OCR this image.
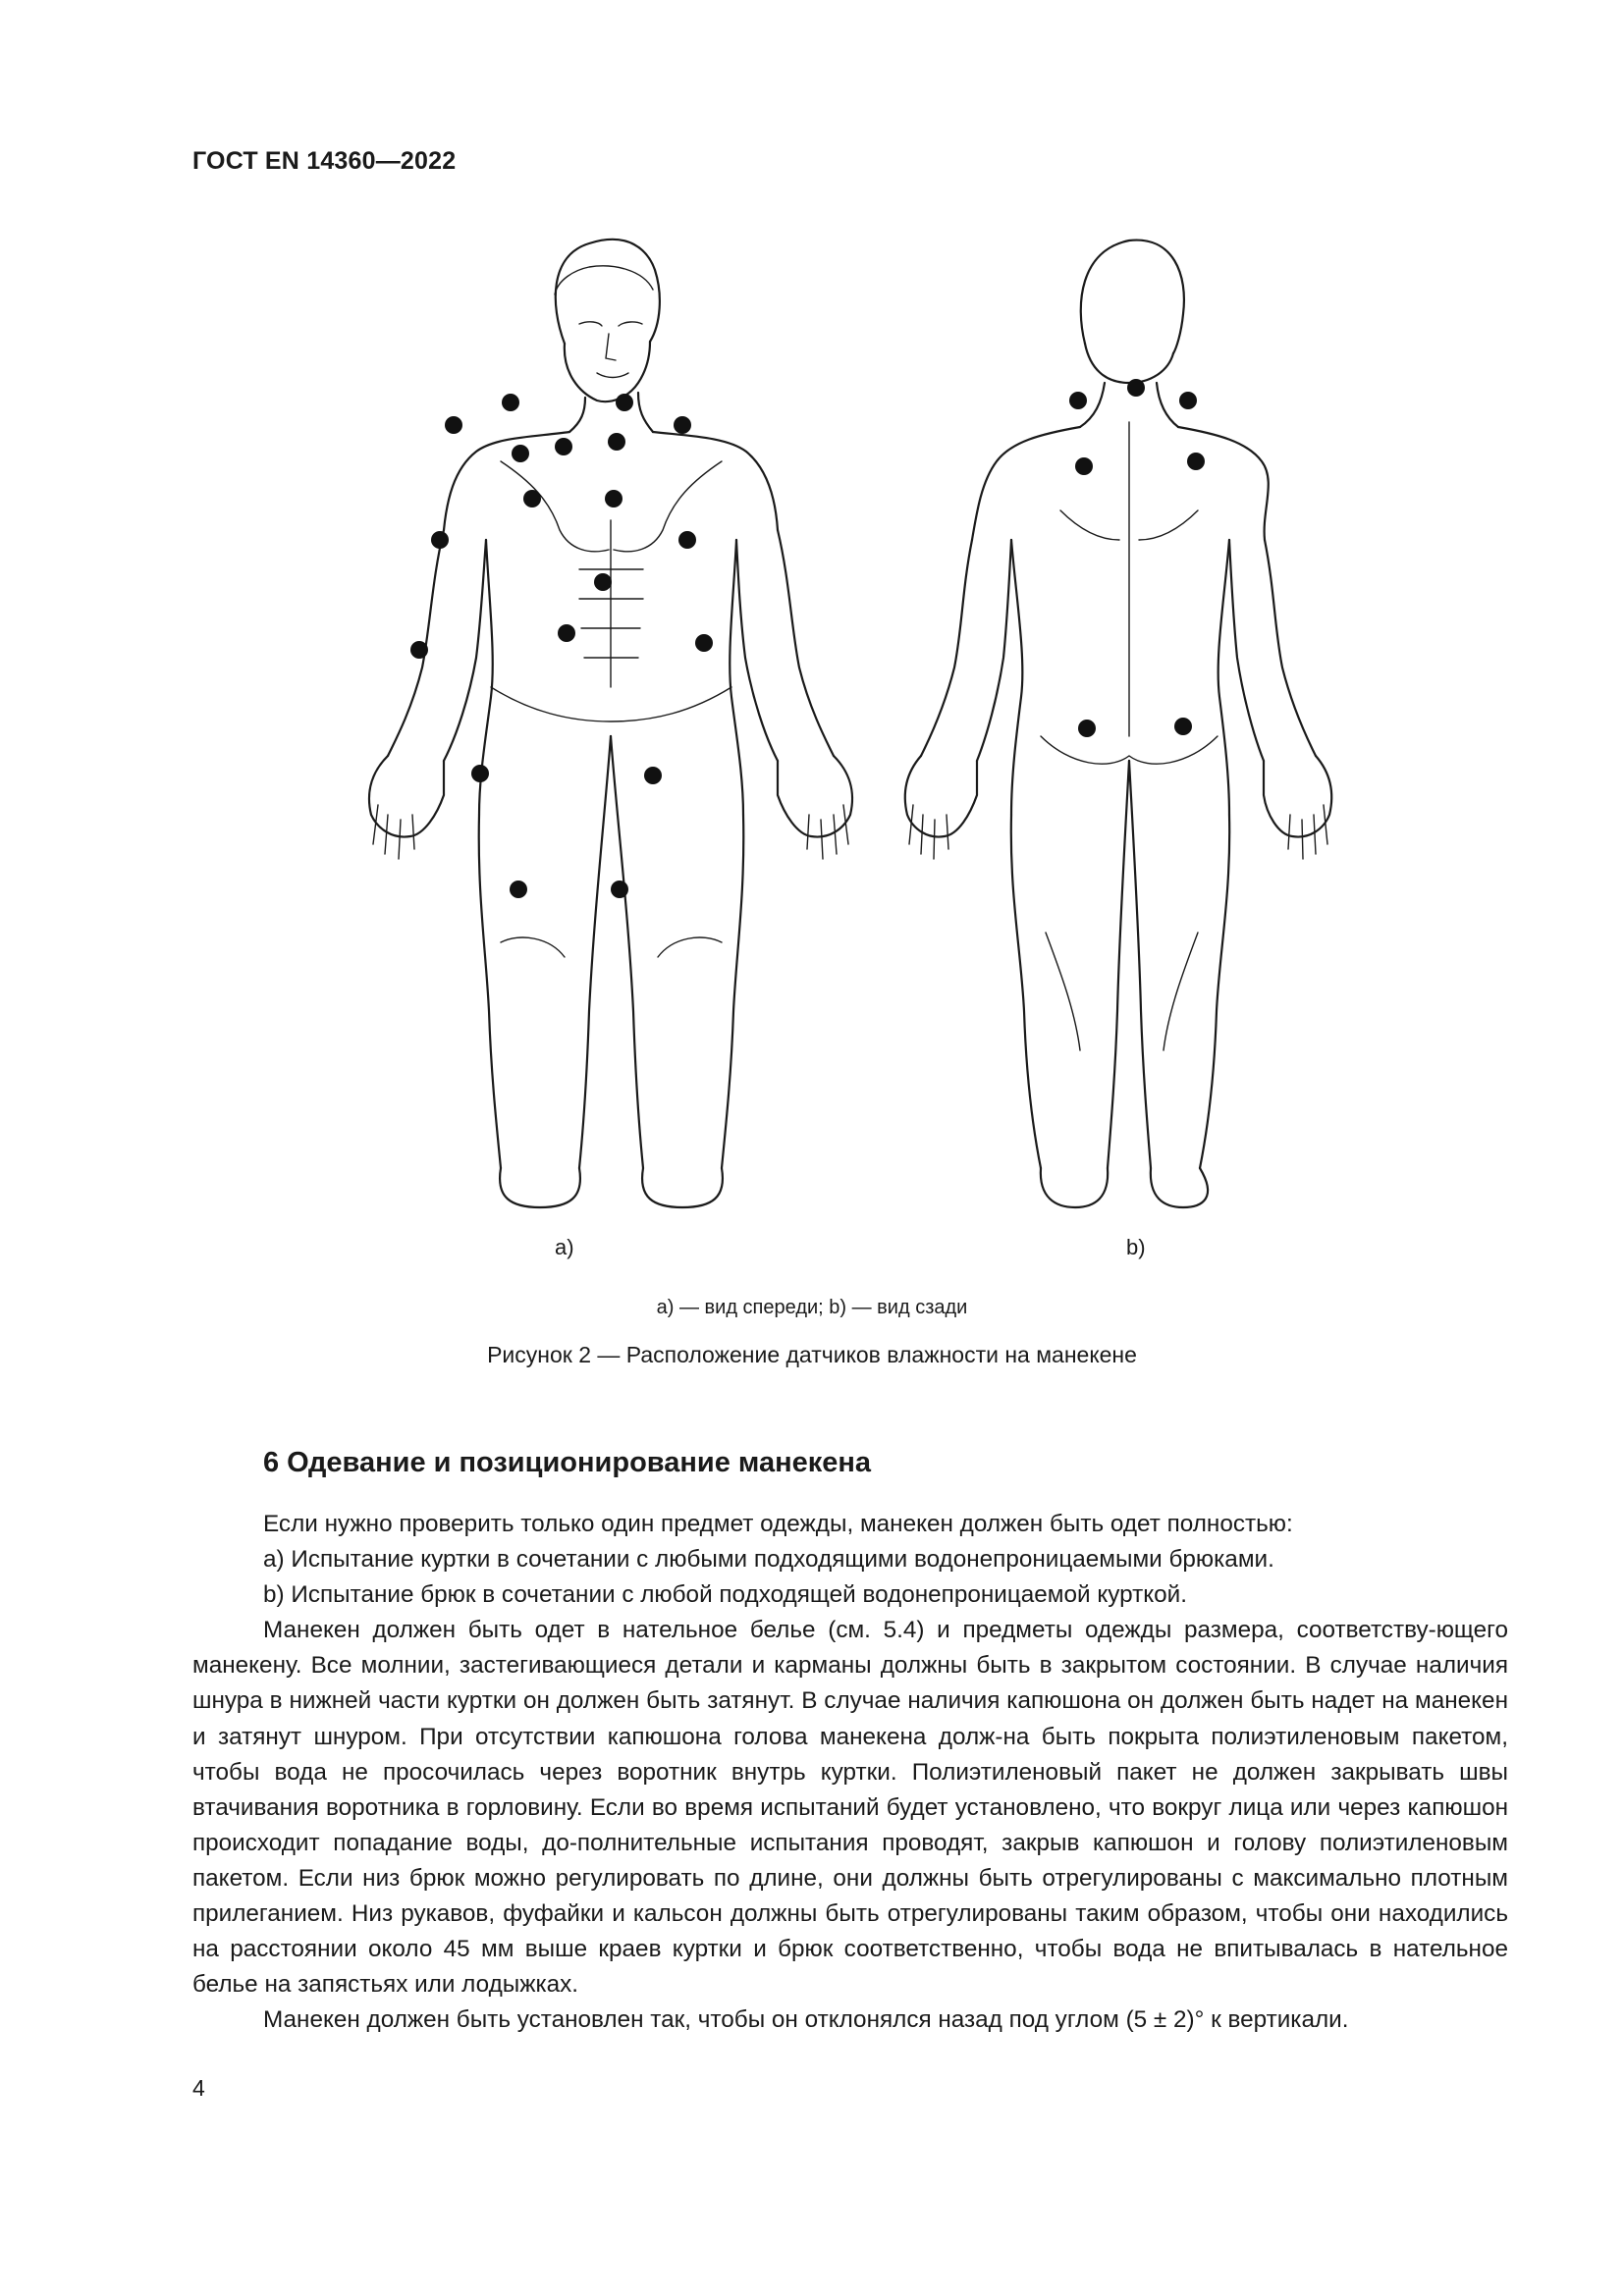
ГОСТ EN 14360—2022
а)	b)
а) — вид спереди; b) — вид сзади
Рисунок 2 — Расположение датчиков влажности на манекене
6 Одевание и позиционирование манекена

Если нужно проверить только один предмет одежды, манекен должен быть одет полностью:

a) Испытание куртки в сочетании с любыми подходящими водонепроницаемыми брюками.

b) Испытание брюк в сочетании с любой подходящей водонепроницаемой курткой.

Манекен должен быть одет в нательное белье (см. 5.4) и предметы одежды размера, соответству-ющего манекену. Все молнии, застегивающиеся детали и карманы должны быть в закрытом состоянии. В случае наличия шнура в нижней части куртки он должен быть затянут. В случае наличия капюшона он должен быть надет на манекен и затянут шнуром. При отсутствии капюшона голова манекена долж-на быть покрыта полиэтиленовым пакетом, чтобы вода не просочилась через воротник внутрь куртки. Полиэтиленовый пакет не должен закрывать швы втачивания воротника в горловину. Если во время испытаний будет установлено, что вокруг лица или через капюшон происходит попадание воды, до-полнительные испытания проводят, закрыв капюшон и голову полиэтиленовым пакетом. Если низ брюк можно регулировать по длине, они должны быть отрегулированы с максимально плотным прилеганием. Низ рукавов, фуфайки и кальсон должны быть отрегулированы таким образом, чтобы они находились на расстоянии около 45 мм выше краев куртки и брюк соответственно, чтобы вода не впитывалась в нательное белье на запястьях или лодыжках.

Манекен должен быть установлен так, чтобы он отклонялся назад под углом (5 ± 2)° к вертикали.

4
